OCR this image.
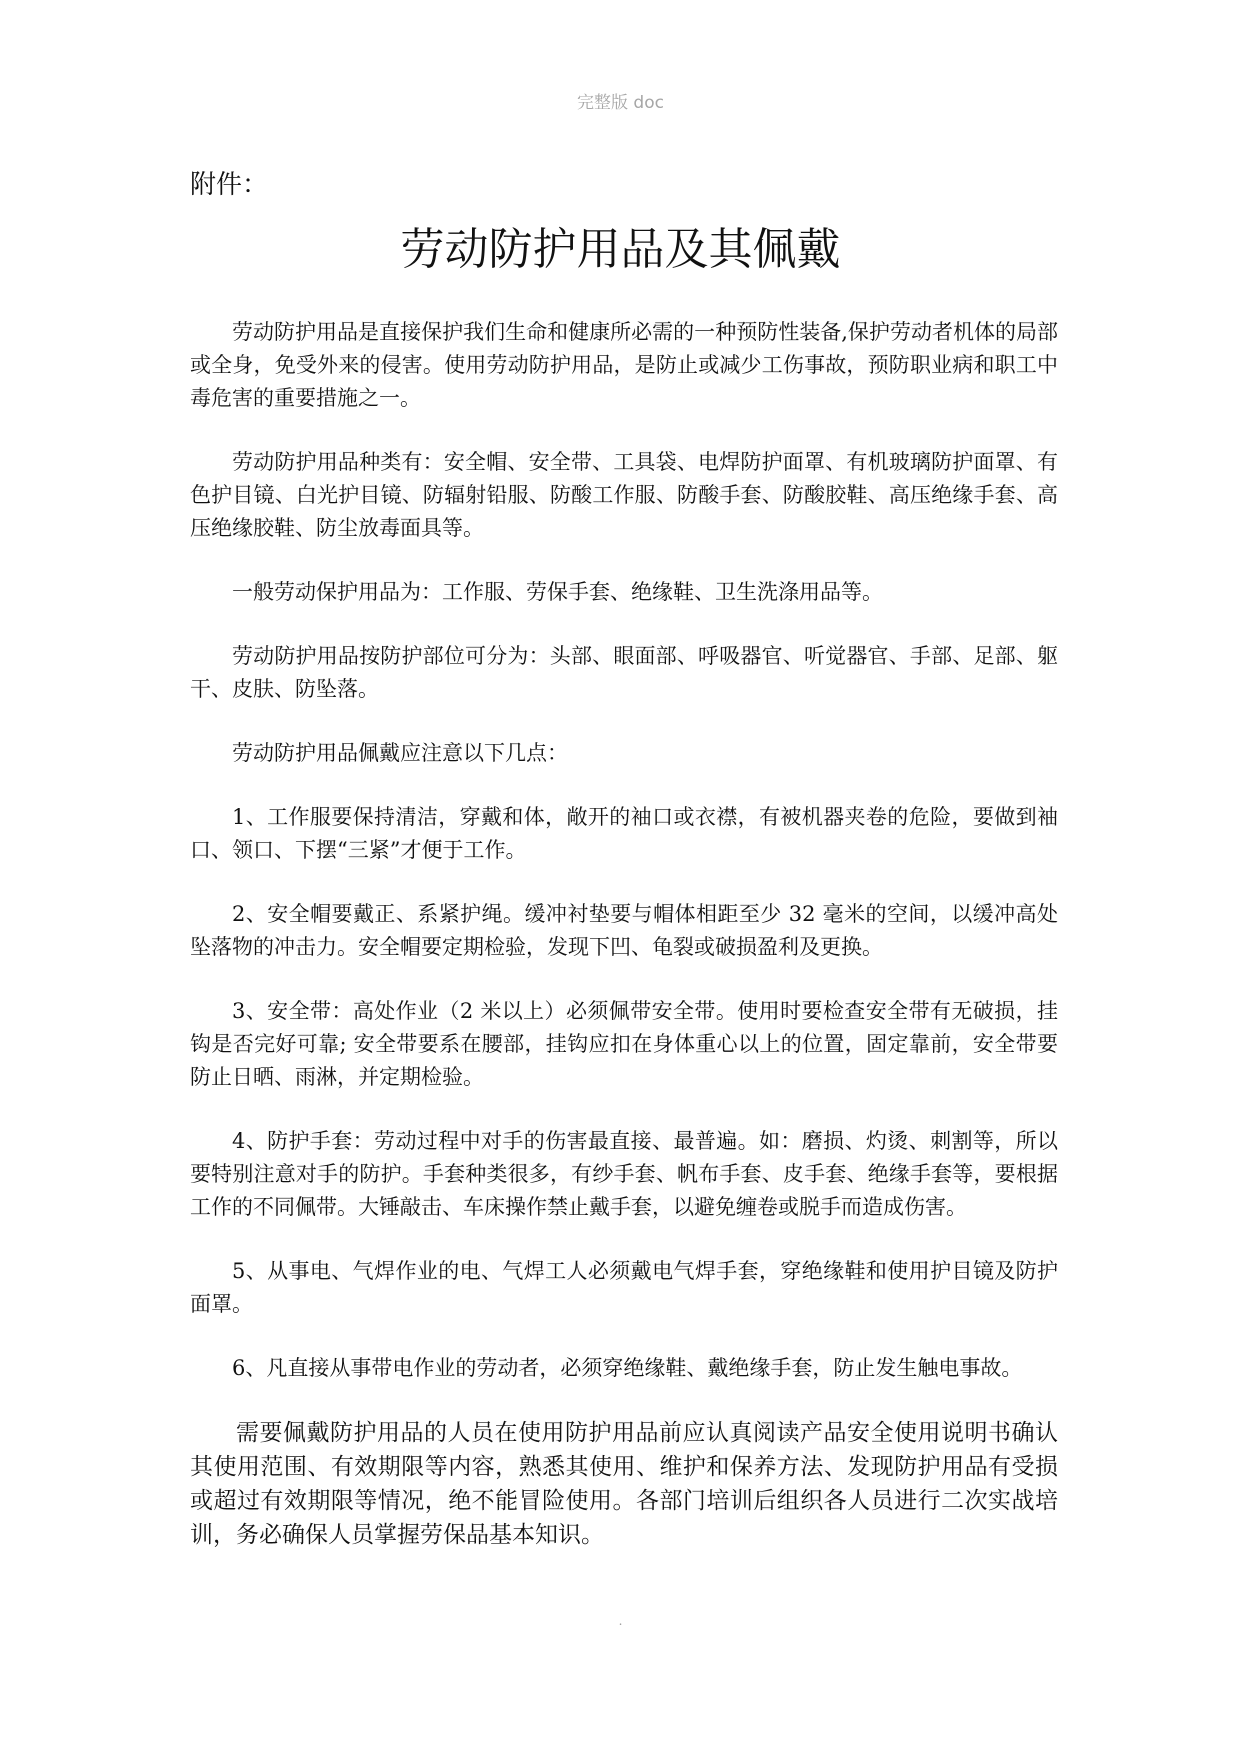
完整版 doc
附件：
劳动防护用品及其佩戴

劳动防护用品是直接保护我们生命和健康所必需的一种预防性装备,保护劳动者机体的局部或全身，免受外来的侵害。使用劳动防护用品，是防止或减少工伤事故，预防职业病和职工中毒危害的重要措施之一。

劳动防护用品种类有：安全帽、安全带、工具袋、电焊防护面罩、有机玻璃防护面罩、有色护目镜、白光护目镜、防辐射铅服、防酸工作服、防酸手套、防酸胶鞋、高压绝缘手套、高压绝缘胶鞋、防尘放毒面具等。

一般劳动保护用品为：工作服、劳保手套、绝缘鞋、卫生洗涤用品等。

劳动防护用品按防护部位可分为：头部、眼面部、呼吸器官、听觉器官、手部、足部、躯干、皮肤、防坠落。

劳动防护用品佩戴应注意以下几点：

1、工作服要保持清洁，穿戴和体，敞开的袖口或衣襟，有被机器夹卷的危险，要做到袖口、领口、下摆“三紧”才便于工作。

2、安全帽要戴正、系紧护绳。缓冲衬垫要与帽体相距至少 32 毫米的空间，以缓冲高处坠落物的冲击力。安全帽要定期检验，发现下凹、龟裂或破损盈利及更换。

3、安全带：高处作业（2 米以上）必须佩带安全带。使用时要检查安全带有无破损，挂钩是否完好可靠; 安全带要系在腰部，挂钩应扣在身体重心以上的位置，固定靠前，安全带要防止日晒、雨淋，并定期检验。

4、防护手套：劳动过程中对手的伤害最直接、最普遍。如：磨损、灼烫、刺割等，所以要特别注意对手的防护。手套种类很多，有纱手套、帆布手套、皮手套、绝缘手套等，要根据工作的不同佩带。大锤敲击、车床操作禁止戴手套，以避免缠卷或脱手而造成伤害。

5、从事电、气焊作业的电、气焊工人必须戴电气焊手套，穿绝缘鞋和使用护目镜及防护面罩。

6、凡直接从事带电作业的劳动者，必须穿绝缘鞋、戴绝缘手套，防止发生触电事故。

需要佩戴防护用品的人员在使用防护用品前应认真阅读产品安全使用说明书确认其使用范围、有效期限等内容，熟悉其使用、维护和保养方法、发现防护用品有受损或超过有效期限等情况，绝不能冒险使用。各部门培训后组织各人员进行二次实战培训，务必确保人员掌握劳保品基本知识。

.
